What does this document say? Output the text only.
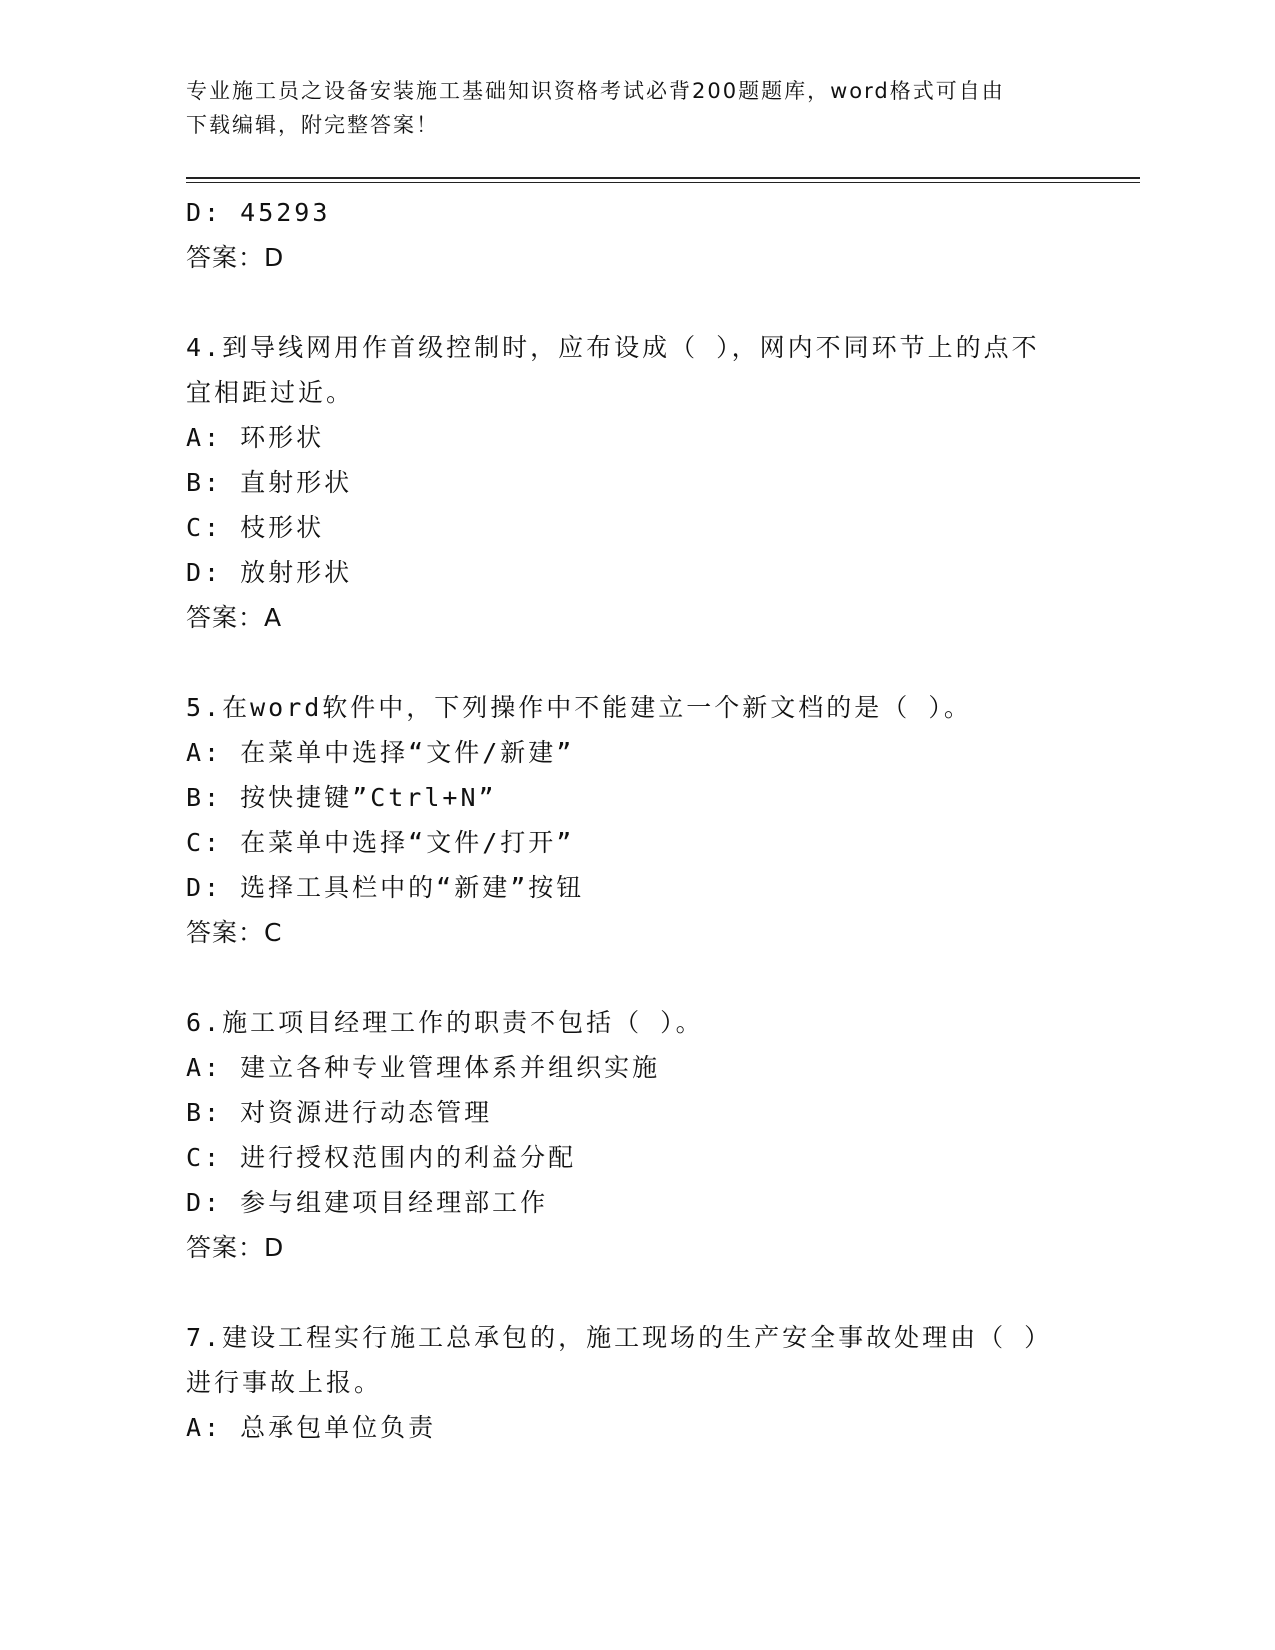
专业施工员之设备安装施工基础知识资格考试必背200题题库，word格式可自由
下载编辑，附完整答案！
D: 45293
答案：D
4.到导线网用作首级控制时，应布设成（ ），网内不同环节上的点不
宜相距过近。
A: 环形状
B: 直射形状
C: 枝形状
D: 放射形状
答案：A
5.在word软件中，下列操作中不能建立一个新文档的是（ ）。
A: 在菜单中选择“文件/新建”
B: 按快捷键”Ctrl+N”
C: 在菜单中选择“文件/打开”
D: 选择工具栏中的“新建”按钮
答案：C
6.施工项目经理工作的职责不包括（ ）。
A: 建立各种专业管理体系并组织实施
B: 对资源进行动态管理
C: 进行授权范围内的利益分配
D: 参与组建项目经理部工作
答案：D
7.建设工程实行施工总承包的，施工现场的生产安全事故处理由（ ）
进行事故上报。
A: 总承包单位负责
